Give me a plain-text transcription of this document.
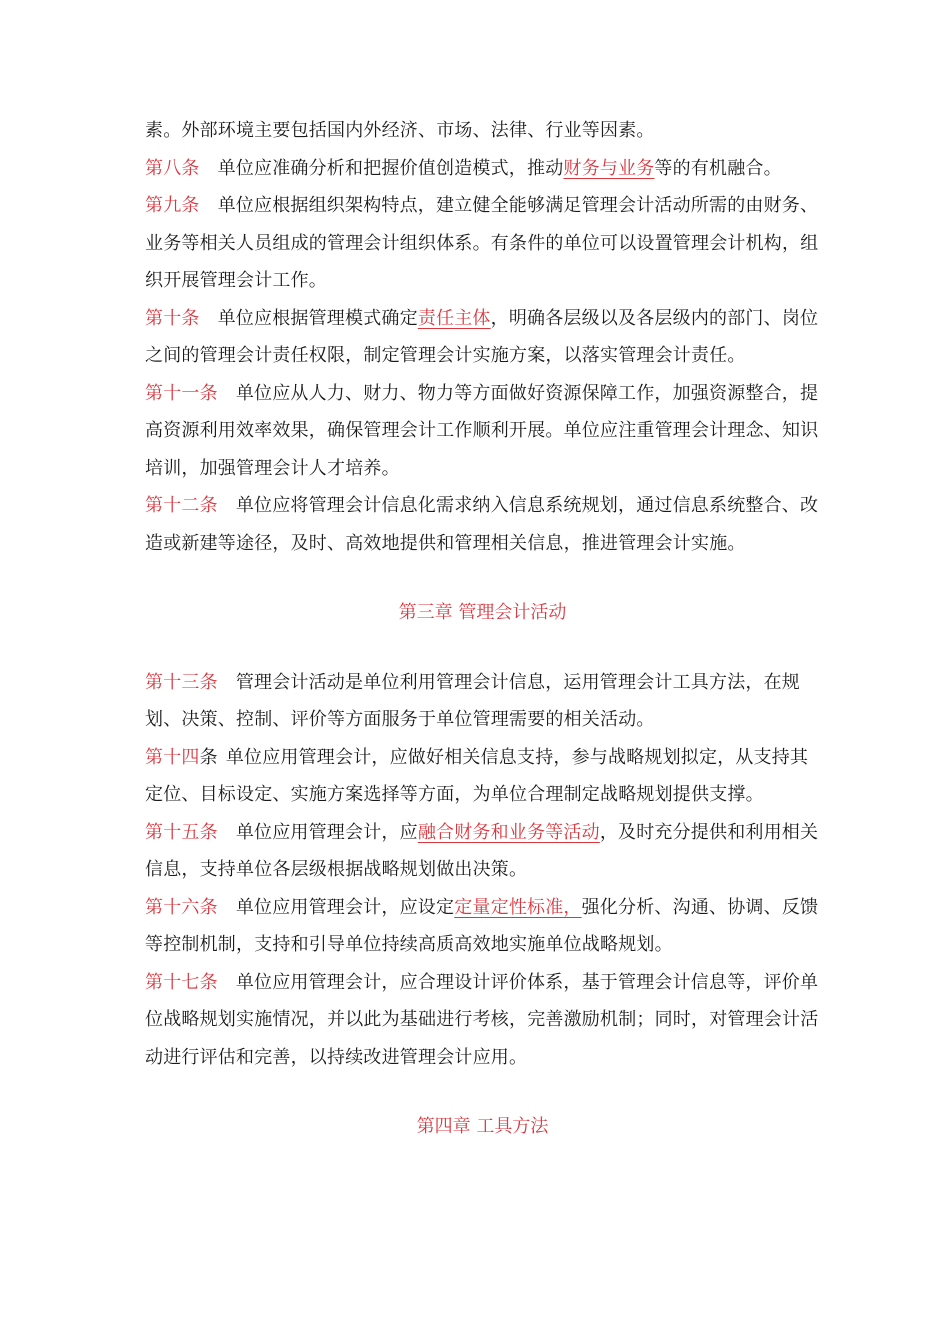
素。外部环境主要包括国内外经济、市场、法律、行业等因素。

第八条 单位应准确分析和把握价值创造模式，推动财务与业务等的有机融合。

第九条 单位应根据组织架构特点，建立健全能够满足管理会计活动所需的由财务、业务等相关人员组成的管理会计组织体系。有条件的单位可以设置管理会计机构，组织开展管理会计工作。

第十条 单位应根据管理模式确定责任主体，明确各层级以及各层级内的部门、岗位之间的管理会计责任权限，制定管理会计实施方案，以落实管理会计责任。

第十一条 单位应从人力、财力、物力等方面做好资源保障工作，加强资源整合，提高资源利用效率效果，确保管理会计工作顺利开展。单位应注重管理会计理念、知识培训，加强管理会计人才培养。

第十二条 单位应将管理会计信息化需求纳入信息系统规划，通过信息系统整合、改造或新建等途径，及时、高效地提供和管理相关信息，推进管理会计实施。

第三章 管理会计活动

第十三条 管理会计活动是单位利用管理会计信息，运用管理会计工具方法，在规划、决策、控制、评价等方面服务于单位管理需要的相关活动。

第十四条 单位应用管理会计，应做好相关信息支持，参与战略规划拟定，从支持其定位、目标设定、实施方案选择等方面，为单位合理制定战略规划提供支撑。

第十五条 单位应用管理会计，应融合财务和业务等活动，及时充分提供和利用相关信息，支持单位各层级根据战略规划做出决策。

第十六条 单位应用管理会计，应设定定量定性标准，强化分析、沟通、协调、反馈等控制机制，支持和引导单位持续高质高效地实施单位战略规划。

第十七条 单位应用管理会计，应合理设计评价体系，基于管理会计信息等，评价单位战略规划实施情况，并以此为基础进行考核，完善激励机制；同时，对管理会计活动进行评估和完善，以持续改进管理会计应用。

第四章 工具方法
